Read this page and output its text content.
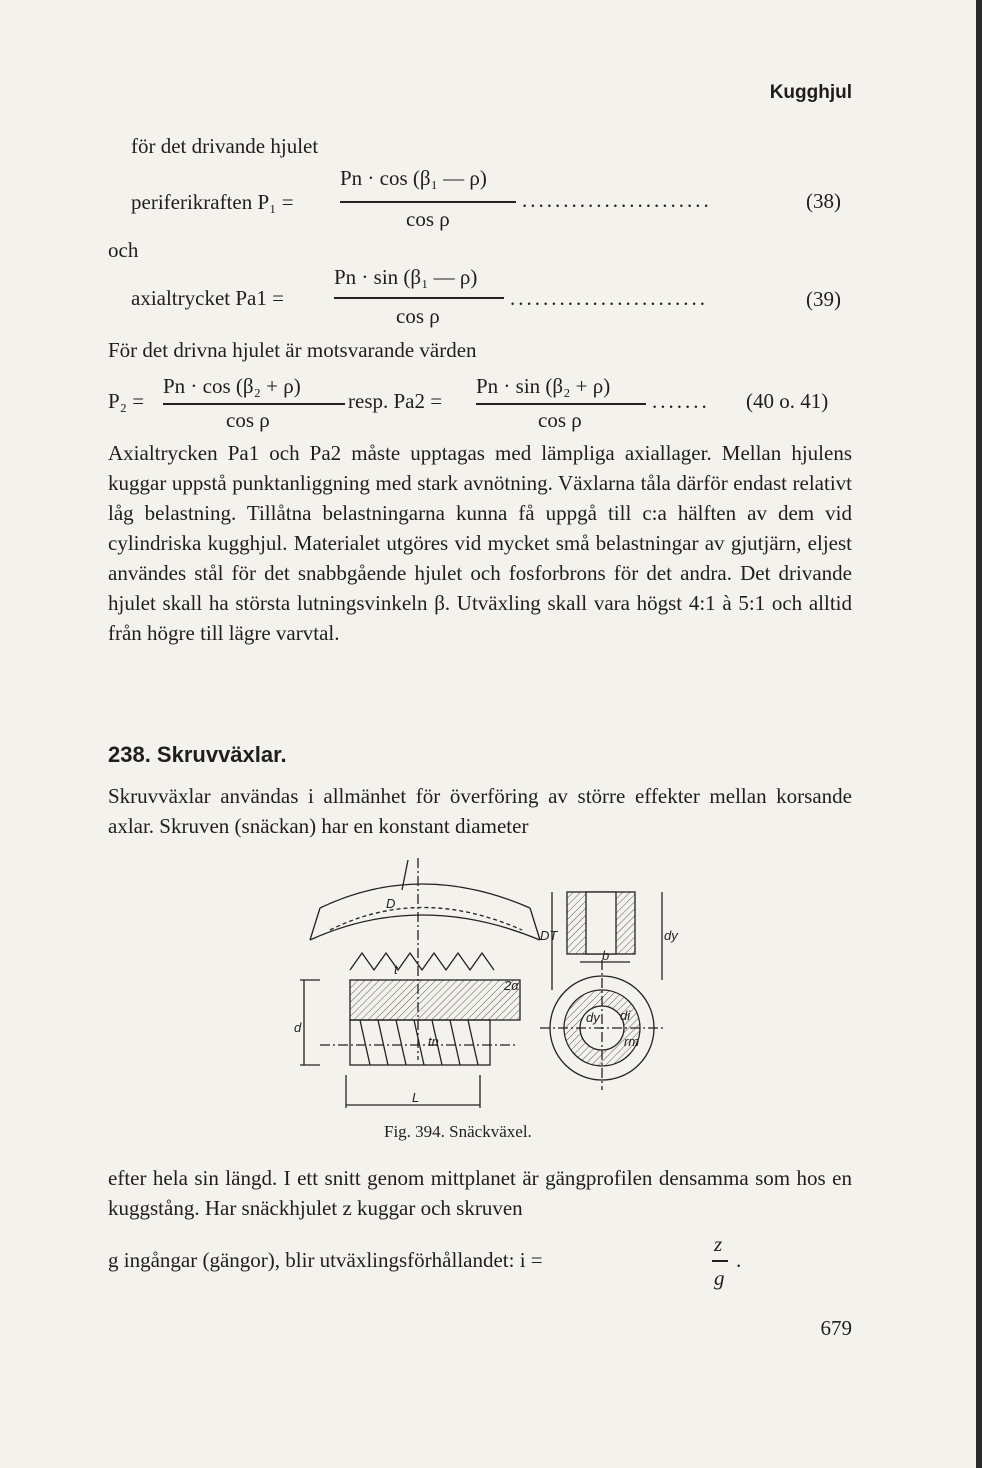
Kugghjul
för det drivande hjulet
periferikraften P₁ =
Pn · cos (β₁ — ρ)
cos ρ
.......................	(38)
och
axialtrycket Pa1 =
Pn · sin (β₁ — ρ)
cos ρ
........................	(39)
För det drivna hjulet är motsvarande värden
P₂ =
Pn · cos (β₂ + ρ)
cos ρ
resp. Pa2 =
Pn · sin (β₂ + ρ)
cos ρ
....... (40 o. 41)
Axialtrycken Pa1 och Pa2 måste upptagas med lämpliga axiallager. Mellan hjulens kuggar uppstå punktanliggning med stark avnötning. Växlarna tåla därför endast relativt låg belastning. Tillåtna belastningarna kunna få uppgå till c:a hälften av dem vid cylindriska kugghjul. Materialet utgöres vid mycket små belastningar av gjutjärn, eljest användes stål för det snabbgående hjulet och fosforbrons för det andra. Det drivande hjulet skall ha största lutningsvinkeln β. Utväxling skall vara högst 4:1 à 5:1 och alltid från högre till lägre varvtal.
238. Skruvväxlar.
Skruvväxlar användas i allmänhet för överföring av större effekter mellan korsande axlar. Skruven (snäckan) har en konstant diameter
D
t
tn
2α
d
L
DT
b
dy
dy di
rm
Fig. 394. Snäckväxel.
efter hela sin längd. I ett snitt genom mittplanet är gängprofilen densamma som hos en kuggstång. Har snäckhjulet z kuggar och skruven
g ingångar (gängor), blir utväxlingsförhållandet: i =
z
g
.
679
